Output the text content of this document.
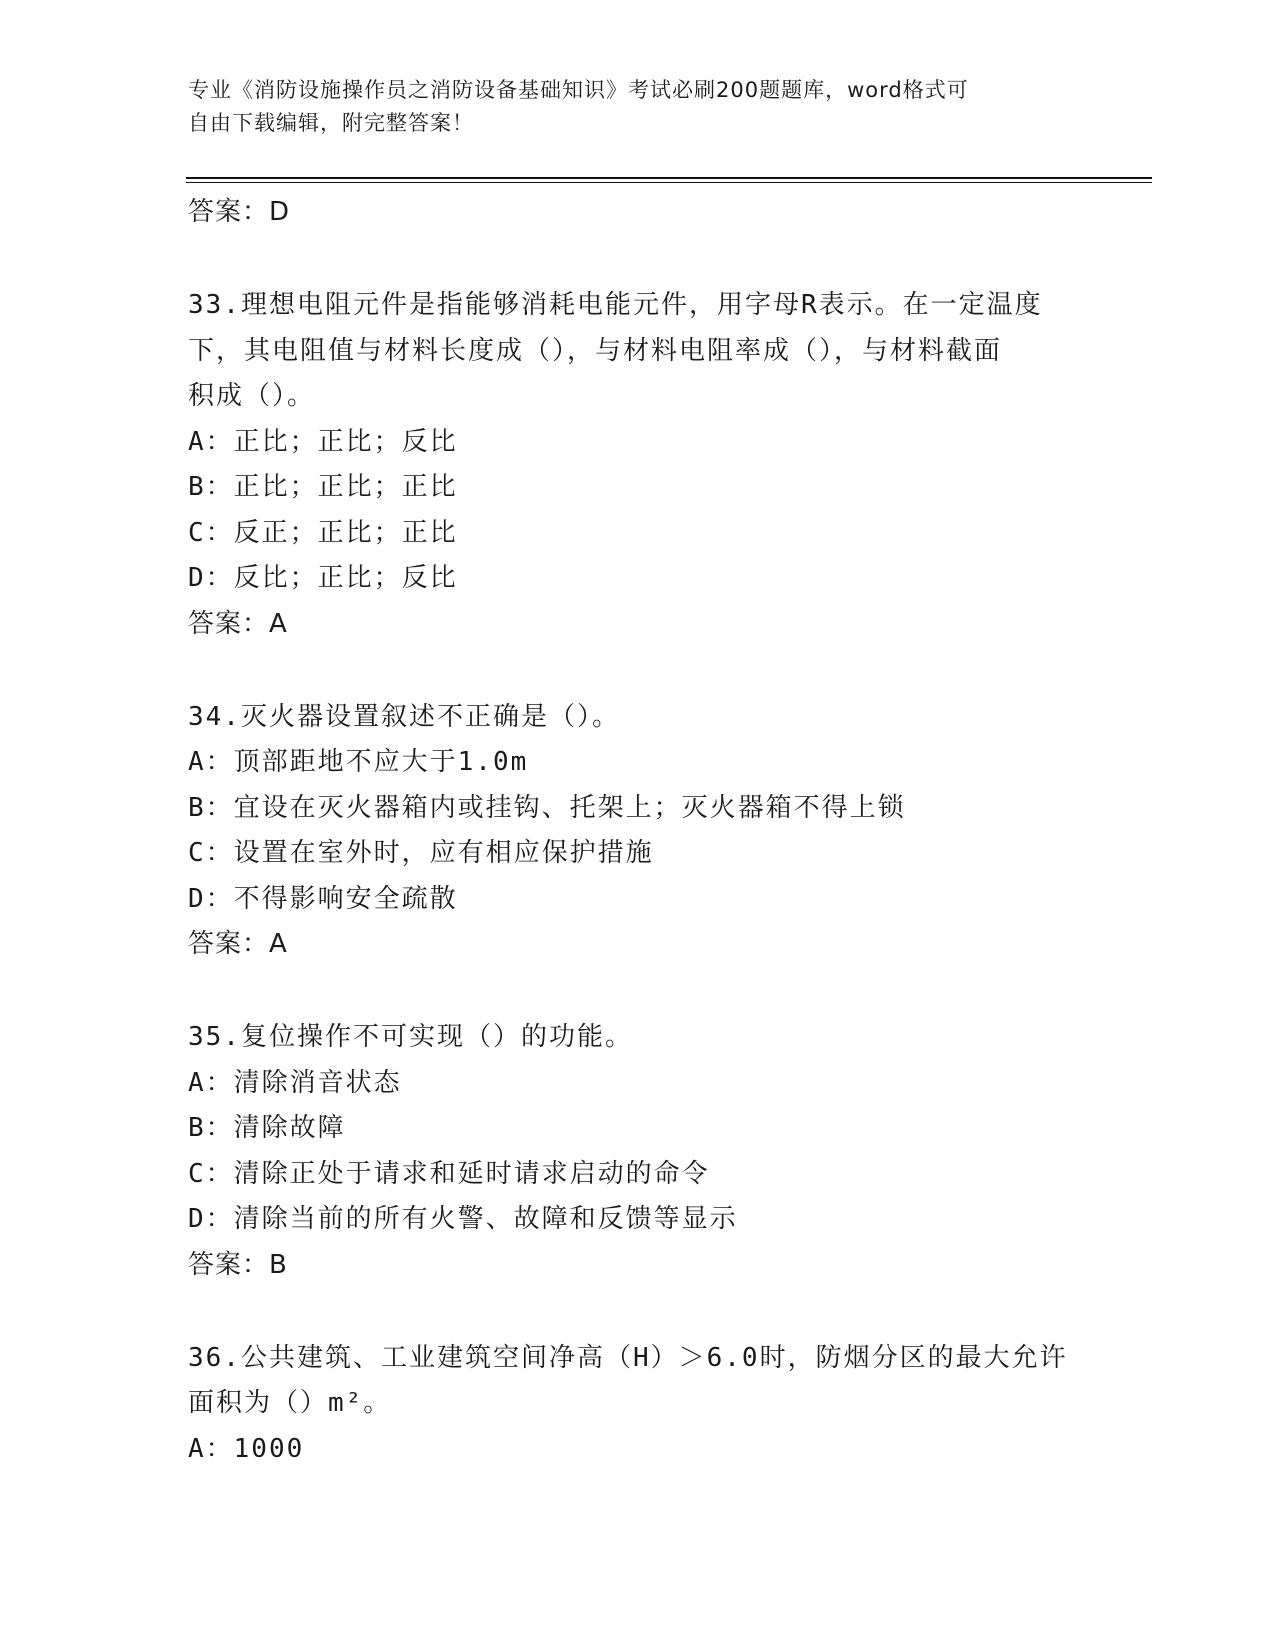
专业《消防设施操作员之消防设备基础知识》考试必刷200题题库，word格式可
自由下载编辑，附完整答案！
答案：D
33.理想电阻元件是指能够消耗电能元件，用字母R表示。在一定温度
下，其电阻值与材料长度成（），与材料电阻率成（），与材料截面
积成（）。
A：正比；正比；反比
B：正比；正比；正比
C：反正；正比；正比
D：反比；正比；反比
答案：A
34.灭火器设置叙述不正确是（）。
A：顶部距地不应大于1.0m
B：宜设在灭火器箱内或挂钩、托架上；灭火器箱不得上锁
C：设置在室外时，应有相应保护措施
D：不得影响安全疏散
答案：A
35.复位操作不可实现（）的功能。
A：清除消音状态
B：清除故障
C：清除正处于请求和延时请求启动的命令
D：清除当前的所有火警、故障和反馈等显示
答案：B
36.公共建筑、工业建筑空间净高（H）＞6.0时，防烟分区的最大允许
面积为（）m²。
A：1000
